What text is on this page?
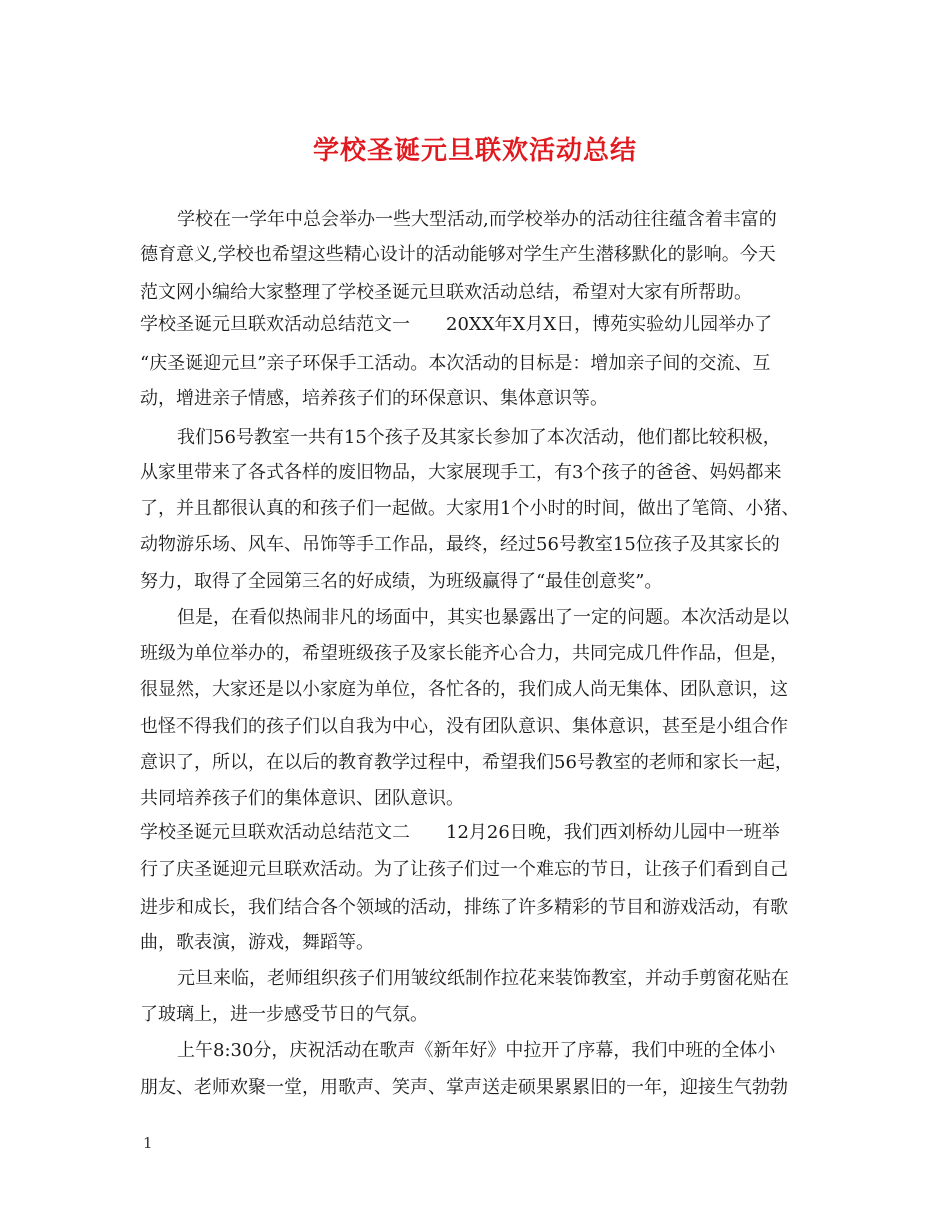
学校圣诞元旦联欢活动总结
学校在一学年中总会举办一些大型活动,而学校举办的活动往往蕴含着丰富的
德育意义,学校也希望这些精心设计的活动能够对学生产生潜移默化的影响。今天
范文网小编给大家整理了学校圣诞元旦联欢活动总结，希望对大家有所帮助。
学校圣诞元旦联欢活动总结范文一　　20XX年X月X日，博苑实验幼儿园举办了
“庆圣诞迎元旦”亲子环保手工活动。本次活动的目标是：增加亲子间的交流、互
动，增进亲子情感，培养孩子们的环保意识、集体意识等。
我们56号教室一共有15个孩子及其家长参加了本次活动，他们都比较积极，
从家里带来了各式各样的废旧物品，大家展现手工，有3个孩子的爸爸、妈妈都来
了，并且都很认真的和孩子们一起做。大家用1个小时的时间，做出了笔筒、小猪、
动物游乐场、风车、吊饰等手工作品，最终，经过56号教室15位孩子及其家长的
努力，取得了全园第三名的好成绩，为班级赢得了“最佳创意奖”。
但是，在看似热闹非凡的场面中，其实也暴露出了一定的问题。本次活动是以
班级为单位举办的，希望班级孩子及家长能齐心合力，共同完成几件作品，但是，
很显然，大家还是以小家庭为单位，各忙各的，我们成人尚无集体、团队意识，这
也怪不得我们的孩子们以自我为中心，没有团队意识、集体意识，甚至是小组合作
意识了，所以，在以后的教育教学过程中，希望我们56号教室的老师和家长一起，
共同培养孩子们的集体意识、团队意识。
学校圣诞元旦联欢活动总结范文二　　12月26日晚，我们西刘桥幼儿园中一班举
行了庆圣诞迎元旦联欢活动。为了让孩子们过一个难忘的节日，让孩子们看到自己
进步和成长，我们结合各个领域的活动，排练了许多精彩的节目和游戏活动，有歌
曲，歌表演，游戏，舞蹈等。
元旦来临，老师组织孩子们用皱纹纸制作拉花来装饰教室，并动手剪窗花贴在
了玻璃上，进一步感受节日的气氛。
上午8:30分，庆祝活动在歌声《新年好》中拉开了序幕，我们中班的全体小
朋友、老师欢聚一堂，用歌声、笑声、掌声送走硕果累累旧的一年，迎接生气勃勃
1
